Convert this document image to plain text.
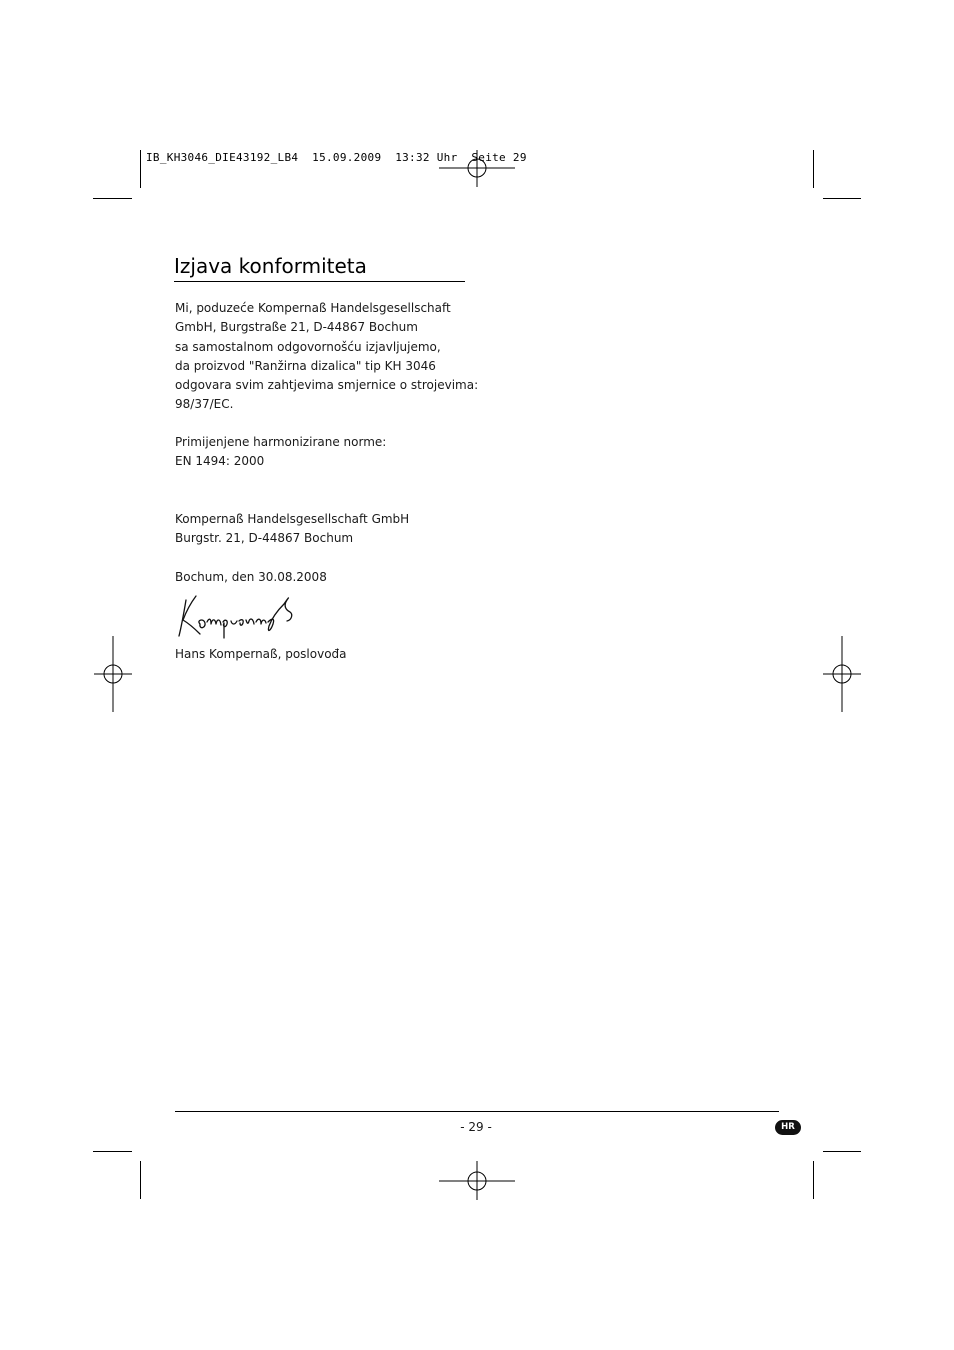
IB_KH3046_DIE43192_LB4  15.09.2009  13:32 Uhr  Seite 29
Izjava konformiteta
Mi, poduzeće Kompernaß Handelsgesellschaft
GmbH, Burgstraße 21, D-44867 Bochum
sa samostalnom odgovornošću izjavljujemo,
da proizvod "Ranžirna dizalica" tip KH 3046
odgovara svim zahtjevima smjernice o strojevima:
98/37/EC.
Primijenjene harmonizirane norme:
EN 1494: 2000
Kompernaß Handelsgesellschaft GmbH
Burgstr. 21, D-44867 Bochum
Bochum, den 30.08.2008
Hans Kompernaß, poslovođa
- 29 -	HR
